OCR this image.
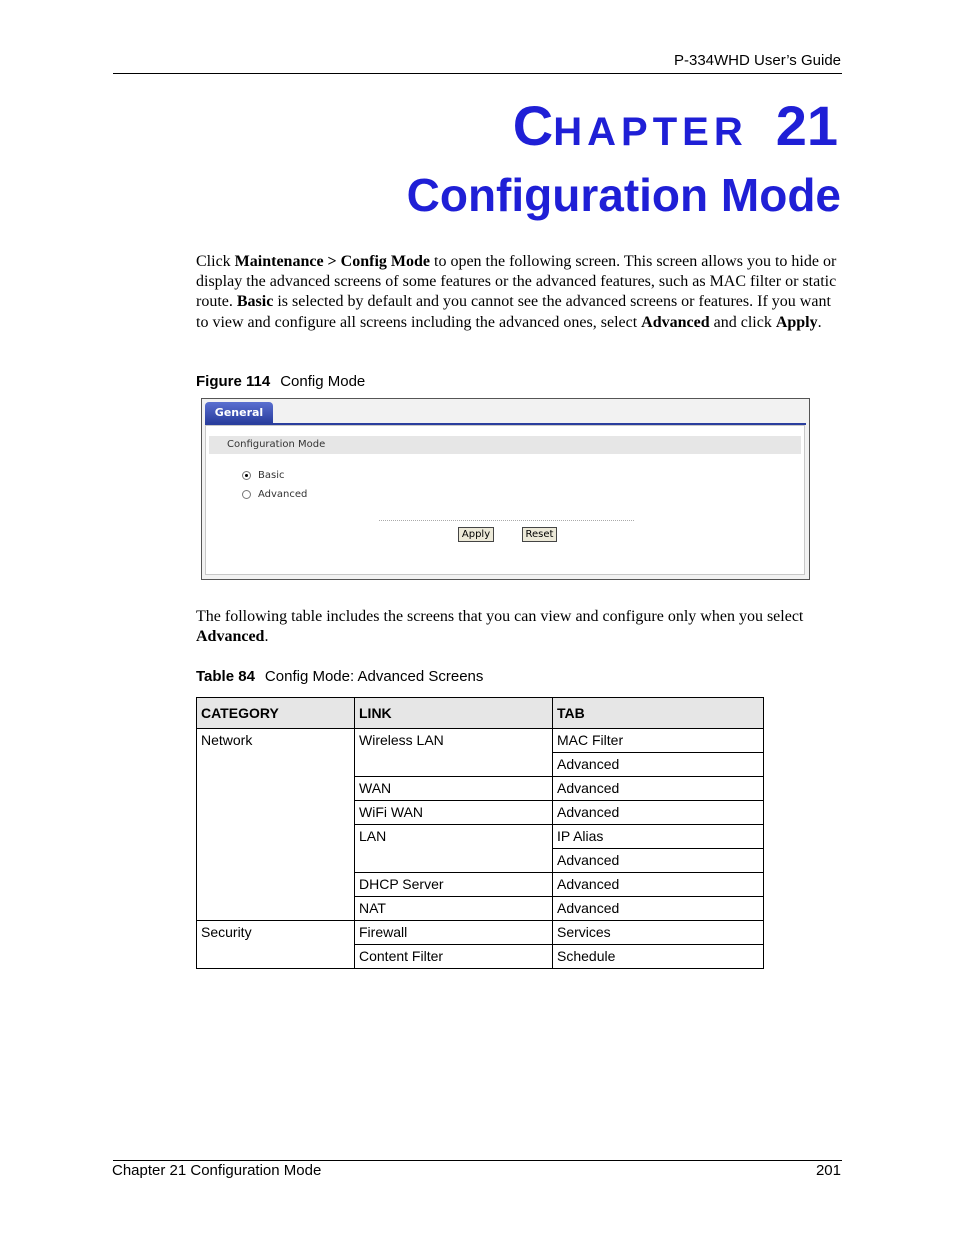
P-334WHD User’s Guide
CHAPTER 21
Configuration Mode
Click Maintenance > Config Mode to open the following screen. This screen allows you to hide or display the advanced screens of some features or the advanced features, such as MAC filter or static route. Basic is selected by default and you cannot see the advanced screens or features. If you want to view and configure all screens including the advanced ones, select Advanced and click Apply.
Figure 114 Config Mode
General
Configuration Mode
Basic
Advanced
Apply	Reset
The following table includes the screens that you can view and configure only when you select Advanced.
Table 84 Config Mode: Advanced Screens
CATEGORY	LINK	TAB
Network	Wireless LAN	MAC Filter
		Advanced
	WAN	Advanced
	WiFi WAN	Advanced
	LAN	IP Alias
		Advanced
	DHCP Server	Advanced
	NAT	Advanced
Security	Firewall	Services
	Content Filter	Schedule
Chapter 21 Configuration Mode	201
